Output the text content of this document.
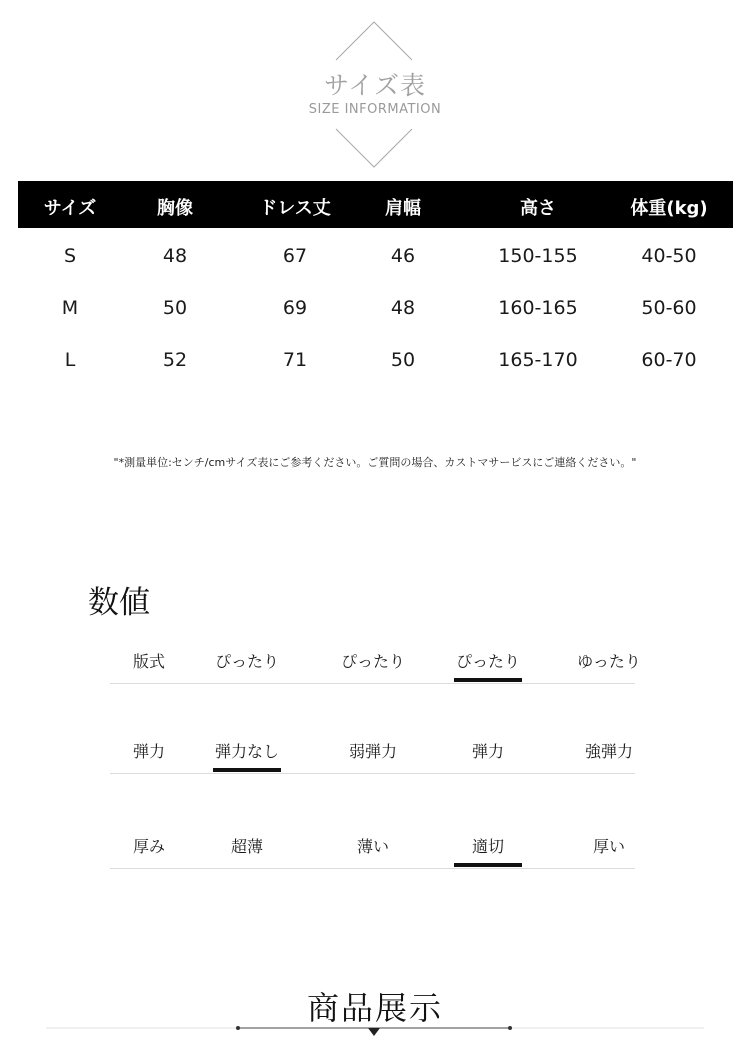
サイズ表
SIZE INFORMATION
サイズ	胸像	ドレス丈	肩幅	高さ	体重(kg)
S	48	67	46	150-155	40-50
M	50	69	48	160-165	50-60
L	52	71	50	165-170	60-70
"*測量単位:センチ/cmサイズ表にご参考ください。ご質問の場合、カストマサービスにご連絡ください。"
数値
版式	ぴったり	ぴったり	ぴったり	ゆったり
弾力	弾力なし	弱弾力	弾力	強弾力
厚み	超薄	薄い	適切	厚い
商品展示
